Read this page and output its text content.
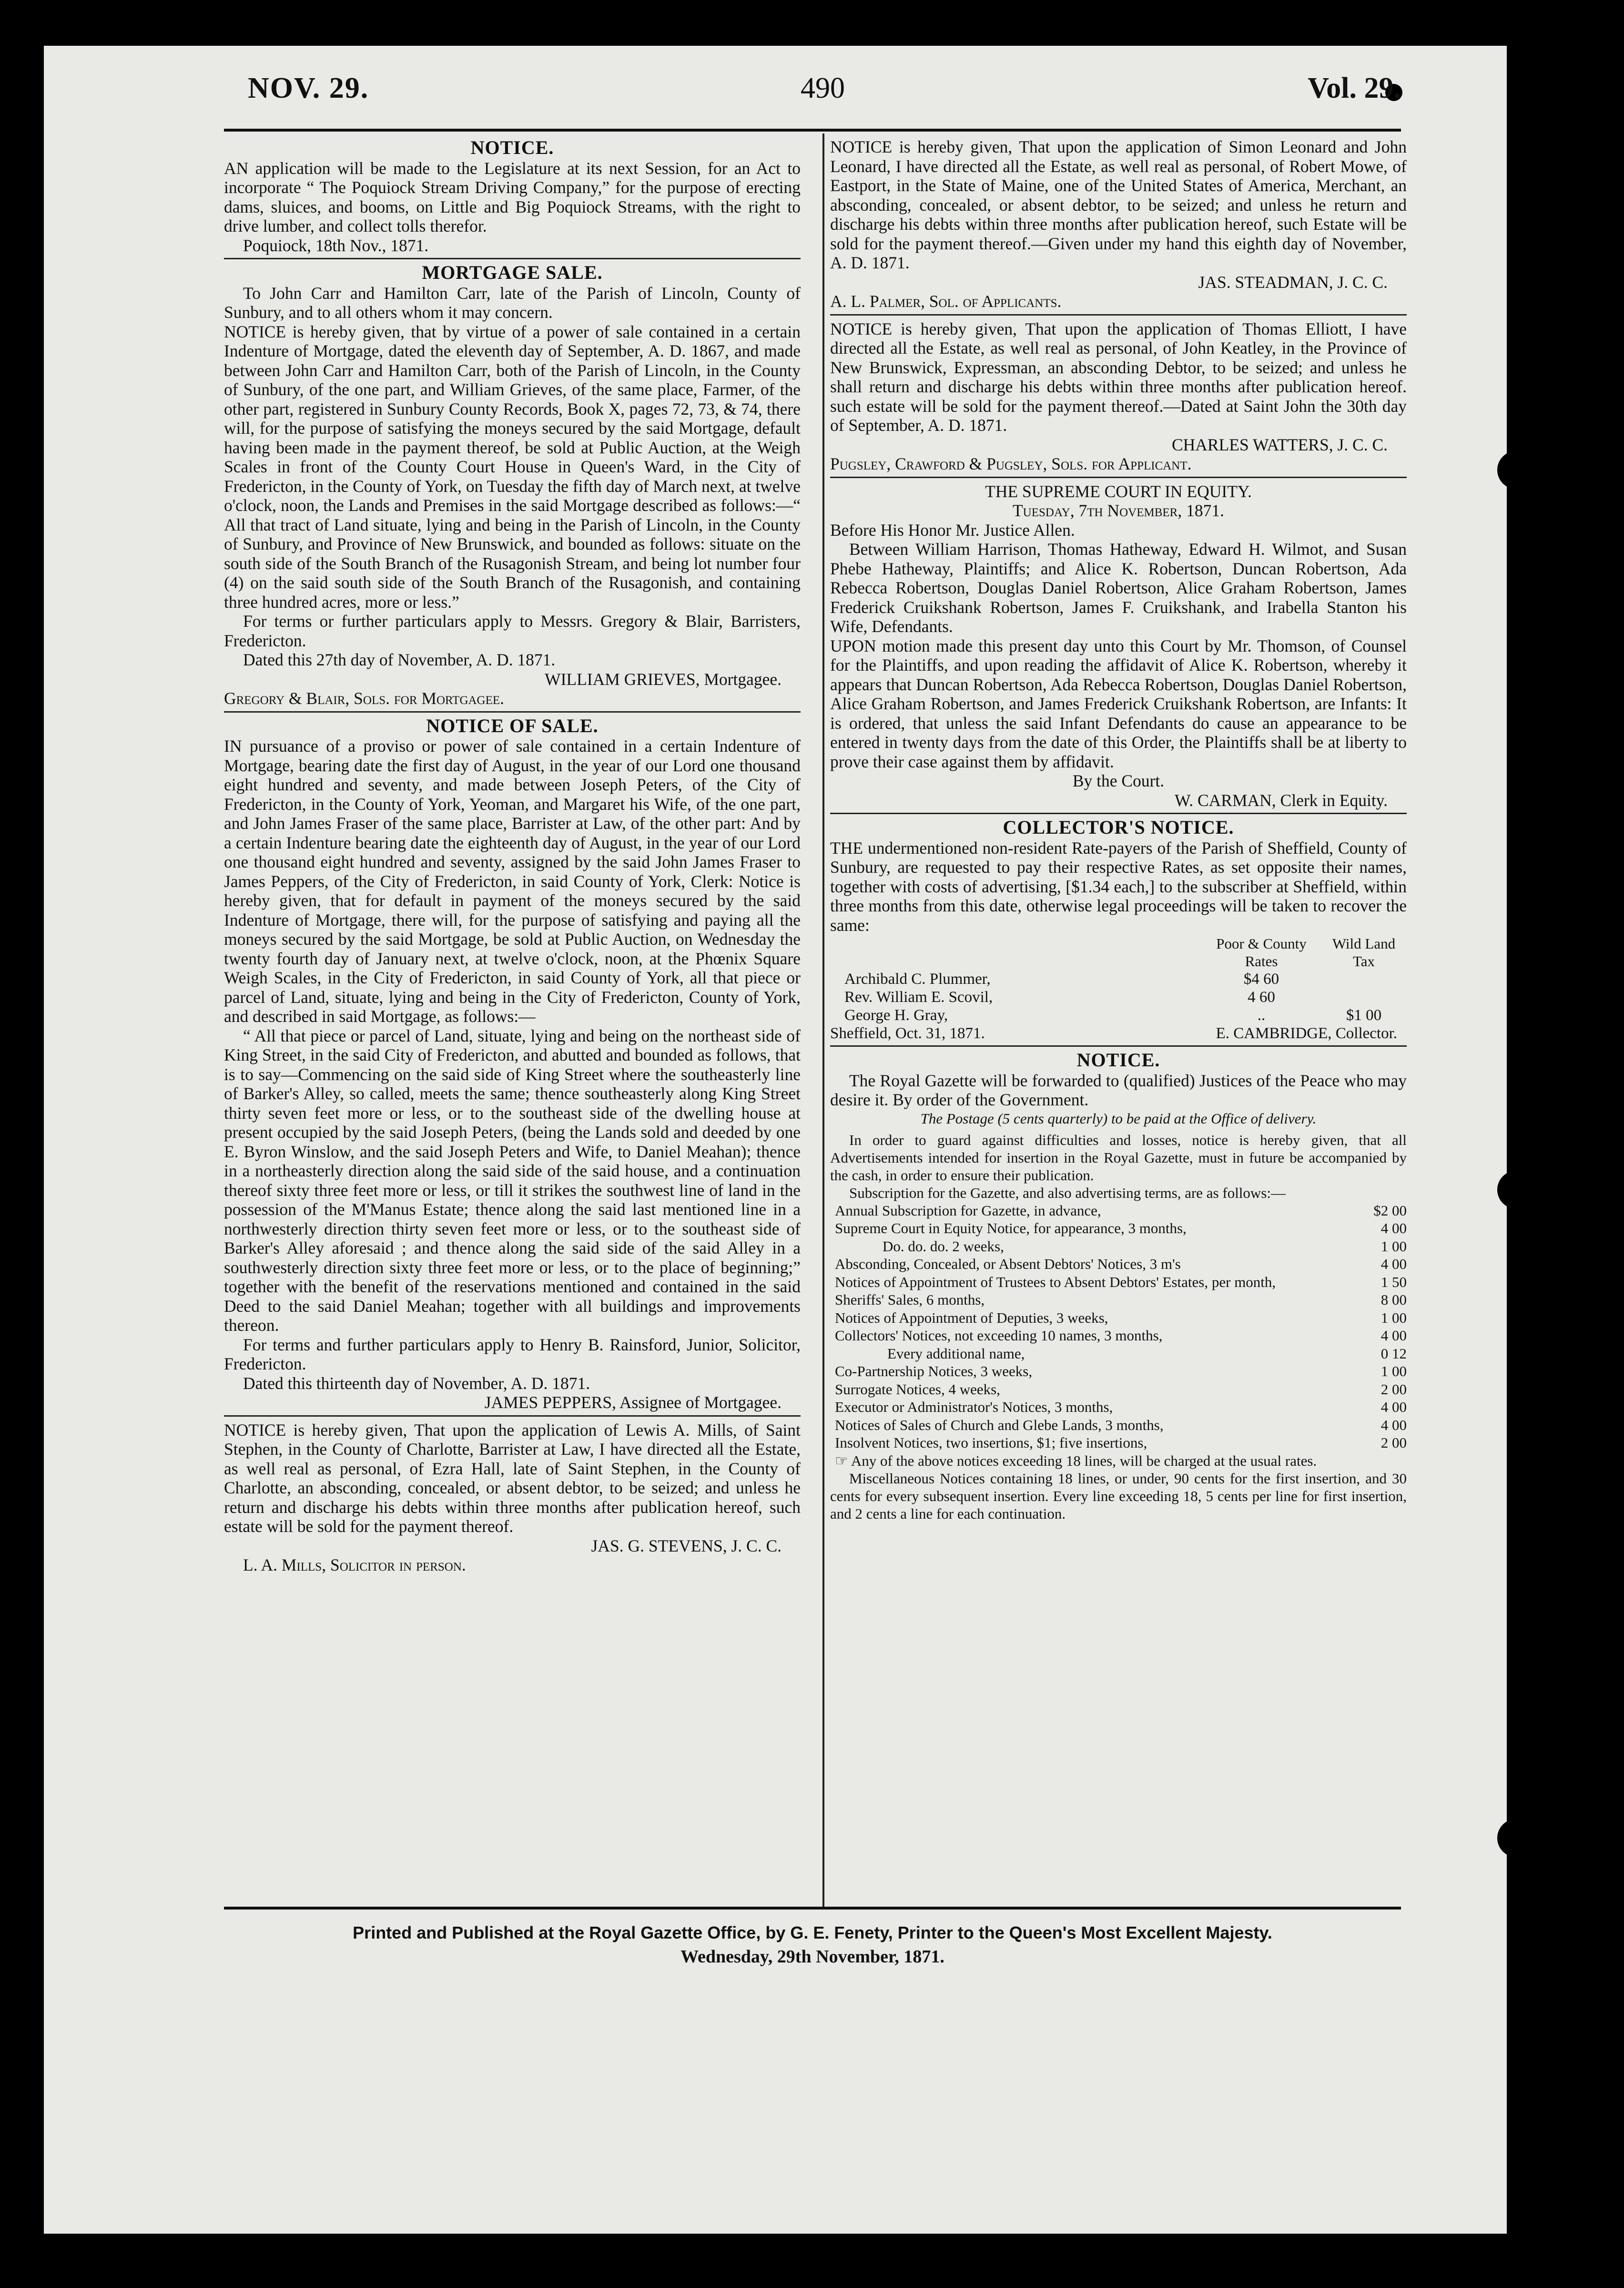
NOV. 29.	490	Vol. 29.
NOTICE.

AN application will be made to the Legislature at its next Session, for an Act to incorporate “ The Poquiock Stream Driving Company,” for the purpose of erecting dams, sluices, and booms, on Little and Big Poquiock Streams, with the right to drive lumber, and collect tolls therefor.

Poquiock, 18th Nov., 1871.

MORTGAGE SALE.

To John Carr and Hamilton Carr, late of the Parish of Lincoln, County of Sunbury, and to all others whom it may concern.

NOTICE is hereby given, that by virtue of a power of sale contained in a certain Indenture of Mortgage, dated the eleventh day of September, A. D. 1867, and made between John Carr and Hamilton Carr, both of the Parish of Lincoln, in the County of Sunbury, of the one part, and William Grieves, of the same place, Farmer, of the other part, registered in Sunbury County Records, Book X, pages 72, 73, & 74, there will, for the purpose of satisfying the moneys secured by the said Mortgage, default having been made in the payment thereof, be sold at Public Auction, at the Weigh Scales in front of the County Court House in Queen's Ward, in the City of Fredericton, in the County of York, on Tuesday the fifth day of March next, at twelve o'clock, noon, the Lands and Premises in the said Mortgage described as follows:—“ All that tract of Land situate, lying and being in the Parish of Lincoln, in the County of Sunbury, and Province of New Brunswick, and bounded as follows: situate on the south side of the South Branch of the Rusagonish Stream, and being lot number four (4) on the said south side of the South Branch of the Rusagonish, and containing three hundred acres, more or less.”

For terms or further particulars apply to Messrs. Gregory & Blair, Barristers, Fredericton.

Dated this 27th day of November, A. D. 1871.

WILLIAM GRIEVES, Mortgagee.

Gregory & Blair, Sols. for Mortgagee.

NOTICE OF SALE.

IN pursuance of a proviso or power of sale contained in a certain Indenture of Mortgage, bearing date the first day of August, in the year of our Lord one thousand eight hundred and seventy, and made between Joseph Peters, of the City of Fredericton, in the County of York, Yeoman, and Margaret his Wife, of the one part, and John James Fraser of the same place, Barrister at Law, of the other part: And by a certain Indenture bearing date the eighteenth day of August, in the year of our Lord one thousand eight hundred and seventy, assigned by the said John James Fraser to James Peppers, of the City of Fredericton, in said County of York, Clerk: Notice is hereby given, that for default in payment of the moneys secured by the said Indenture of Mortgage, there will, for the purpose of satisfying and paying all the moneys secured by the said Mortgage, be sold at Public Auction, on Wednesday the twenty fourth day of January next, at twelve o'clock, noon, at the Phœnix Square Weigh Scales, in the City of Fredericton, in said County of York, all that piece or parcel of Land, situate, lying and being in the City of Fredericton, County of York, and described in said Mortgage, as follows:—

“ All that piece or parcel of Land, situate, lying and being on the northeast side of King Street, in the said City of Fredericton, and abutted and bounded as follows, that is to say—Commencing on the said side of King Street where the southeasterly line of Barker's Alley, so called, meets the same; thence southeasterly along King Street thirty seven feet more or less, or to the southeast side of the dwelling house at present occupied by the said Joseph Peters, (being the Lands sold and deeded by one E. Byron Winslow, and the said Joseph Peters and Wife, to Daniel Meahan); thence in a northeasterly direction along the said side of the said house, and a continuation thereof sixty three feet more or less, or till it strikes the southwest line of land in the possession of the M'Manus Estate; thence along the said last mentioned line in a northwesterly direction thirty seven feet more or less, or to the southeast side of Barker's Alley aforesaid ; and thence along the said side of the said Alley in a southwesterly direction sixty three feet more or less, or to the place of beginning;” together with the benefit of the reservations mentioned and contained in the said Deed to the said Daniel Meahan; together with all buildings and improvements thereon.

For terms and further particulars apply to Henry B. Rainsford, Junior, Solicitor, Fredericton.

Dated this thirteenth day of November, A. D. 1871.

JAMES PEPPERS, Assignee of Mortgagee.

NOTICE is hereby given, That upon the application of Lewis A. Mills, of Saint Stephen, in the County of Charlotte, Barrister at Law, I have directed all the Estate, as well real as personal, of Ezra Hall, late of Saint Stephen, in the County of Charlotte, an absconding, concealed, or absent debtor, to be seized; and unless he return and discharge his debts within three months after publication hereof, such estate will be sold for the payment thereof.

JAS. G. STEVENS, J. C. C.

L. A. Mills, Solicitor in person.

NOTICE is hereby given, That upon the application of Simon Leonard and John Leonard, I have directed all the Estate, as well real as personal, of Robert Mowe, of Eastport, in the State of Maine, one of the United States of America, Merchant, an absconding, concealed, or absent debtor, to be seized; and unless he return and discharge his debts within three months after publication hereof, such Estate will be sold for the payment thereof.—Given under my hand this eighth day of November, A. D. 1871.

JAS. STEADMAN, J. C. C.

A. L. Palmer, Sol. of Applicants.

NOTICE is hereby given, That upon the application of Thomas Elliott, I have directed all the Estate, as well real as personal, of John Keatley, in the Province of New Brunswick, Expressman, an absconding Debtor, to be seized; and unless he shall return and discharge his debts within three months after publication hereof. such estate will be sold for the payment thereof.—Dated at Saint John the 30th day of September, A. D. 1871.

CHARLES WATTERS, J. C. C.

Pugsley, Crawford & Pugsley, Sols. for Applicant.

THE SUPREME COURT IN EQUITY.
Tuesday, 7th November, 1871.

Before His Honor Mr. Justice Allen.

Between William Harrison, Thomas Hatheway, Edward H. Wilmot, and Susan Phebe Hatheway, Plaintiffs; and Alice K. Robertson, Duncan Robertson, Ada Rebecca Robertson, Douglas Daniel Robertson, Alice Graham Robertson, James Frederick Cruikshank Robertson, James F. Cruikshank, and Irabella Stanton his Wife, Defendants.

UPON motion made this present day unto this Court by Mr. Thomson, of Counsel for the Plaintiffs, and upon reading the affidavit of Alice K. Robertson, whereby it appears that Duncan Robertson, Ada Rebecca Robertson, Douglas Daniel Robertson, Alice Graham Robertson, and James Frederick Cruikshank Robertson, are Infants: It is ordered, that unless the said Infant Defendants do cause an appearance to be entered in twenty days from the date of this Order, the Plaintiffs shall be at liberty to prove their case against them by affidavit.

By the Court.

W. CARMAN, Clerk in Equity.

COLLECTOR'S NOTICE.

THE undermentioned non-resident Rate-payers of the Parish of Sheffield, County of Sunbury, are requested to pay their respective Rates, as set opposite their names, together with costs of advertising, [$1.34 each,] to the subscriber at Sheffield, within three months from this date, otherwise legal proceedings will be taken to recover the same:

	Poor & County Rates	Wild Land Tax
Archibald C. Plummer,	$4 60	
Rev. William E. Scovil,	4 60	
George H. Gray,	..	$1 00
Sheffield, Oct. 31, 1871.	E. CAMBRIDGE, Collector.	
NOTICE.

The Royal Gazette will be forwarded to (qualified) Justices of the Peace who may desire it. By order of the Government.

The Postage (5 cents quarterly) to be paid at the Office of delivery.

In order to guard against difficulties and losses, notice is hereby given, that all Advertisements intended for insertion in the Royal Gazette, must in future be accompanied by the cash, in order to ensure their publication.

Subscription for the Gazette, and also advertising terms, are as follows:—

Annual Subscription for Gazette, in advance,	$2 00
Supreme Court in Equity Notice, for appearance, 3 months,	4 00
Do. do. do. 2 weeks,	1 00
Absconding, Concealed, or Absent Debtors' Notices, 3 m's	4 00
Notices of Appointment of Trustees to Absent Debtors' Estates, per month,	1 50
Sheriffs' Sales, 6 months,	8 00
Notices of Appointment of Deputies, 3 weeks,	1 00
Collectors' Notices, not exceeding 10 names, 3 months,	4 00
Every additional name,	0 12
Co-Partnership Notices, 3 weeks,	1 00
Surrogate Notices, 4 weeks,	2 00
Executor or Administrator's Notices, 3 months,	4 00
Notices of Sales of Church and Glebe Lands, 3 months,	4 00
Insolvent Notices, two insertions, $1; five insertions,	2 00

☞ Any of the above notices exceeding 18 lines, will be charged at the usual rates.

Miscellaneous Notices containing 18 lines, or under, 90 cents for the first insertion, and 30 cents for every subsequent insertion. Every line exceeding 18, 5 cents per line for first insertion, and 2 cents a line for each continuation.

Printed and Published at the Royal Gazette Office, by G. E. Fenety, Printer to the Queen's Most Excellent Majesty.
Wednesday, 29th November, 1871.
